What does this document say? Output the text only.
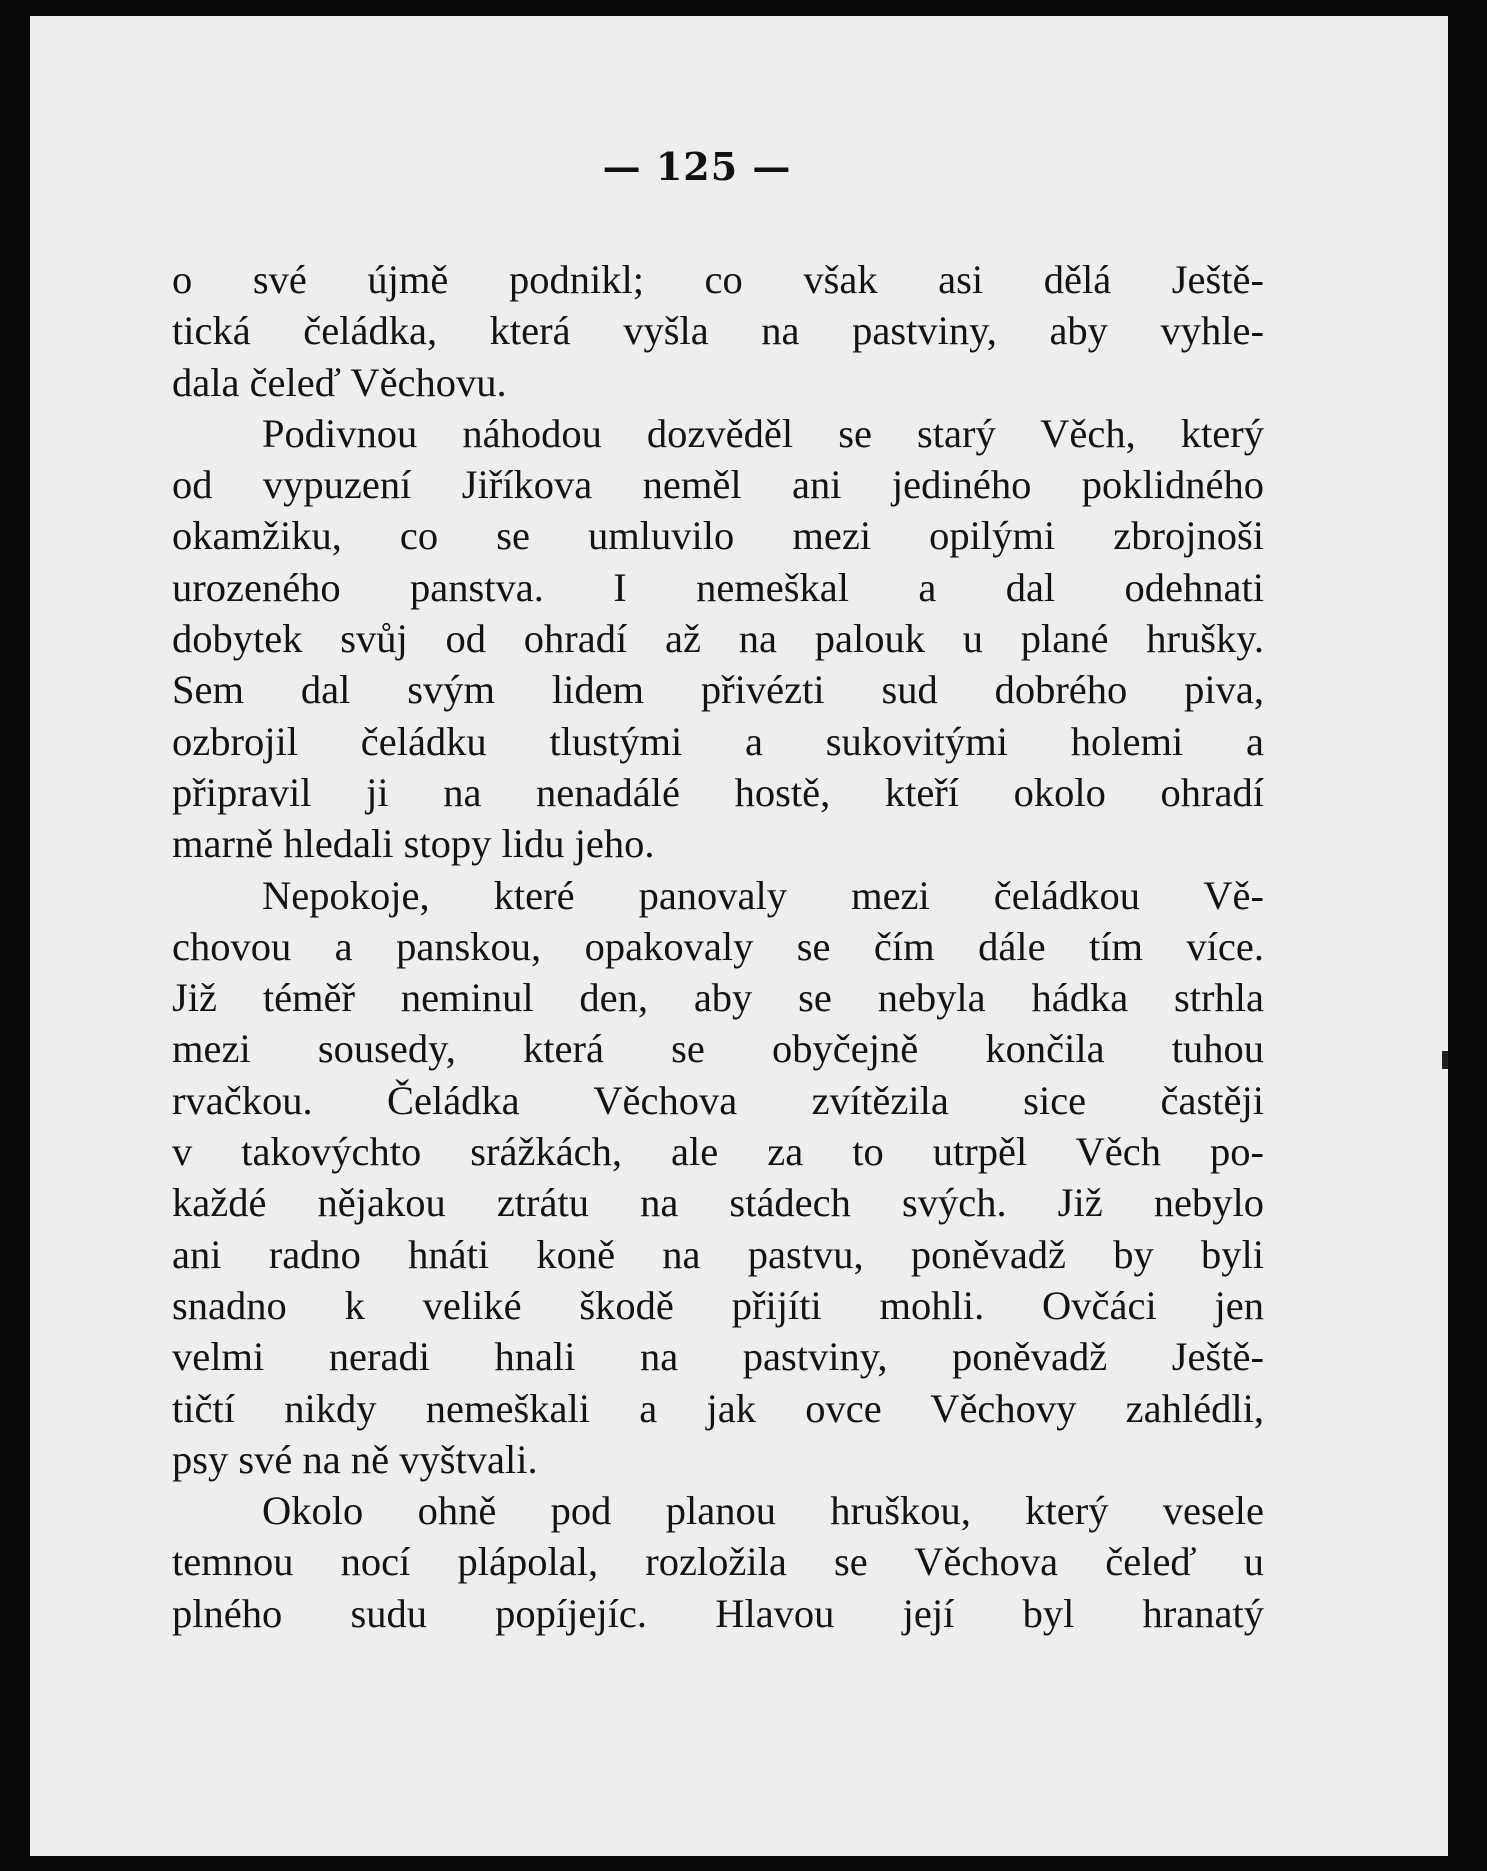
— 125 —
o své újmě podnikl; co však asi dělá Ještě-
tická čeládka, která vyšla na pastviny, aby vyhle-
dala čeleď Věchovu.
Podivnou náhodou dozvěděl se starý Věch, který
od vypuzení Jiříkova neměl ani jediného poklidného
okamžiku, co se umluvilo mezi opilými zbrojnoši
urozeného panstva. I nemeškal a dal odehnati
dobytek svůj od ohradí až na palouk u plané hrušky.
Sem dal svým lidem přivézti sud dobrého piva,
ozbrojil čeládku tlustými a sukovitými holemi a
připravil ji na nenadálé hostě, kteří okolo ohradí
marně hledali stopy lidu jeho.
Nepokoje, které panovaly mezi čeládkou Vě-
chovou a panskou, opakovaly se čím dále tím více.
Již téměř neminul den, aby se nebyla hádka strhla
mezi sousedy, která se obyčejně končila tuhou
rvačkou. Čeládka Věchova zvítězila sice častěji
v takovýchto srážkách, ale za to utrpěl Věch po-
každé nějakou ztrátu na stádech svých. Již nebylo
ani radno hnáti koně na pastvu, poněvadž by byli
snadno k veliké škodě přijíti mohli. Ovčáci jen
velmi neradi hnali na pastviny, poněvadž Ještě-
tičtí nikdy nemeškali a jak ovce Věchovy zahlédli,
psy své na ně vyštvali.
Okolo ohně pod planou hruškou, který vesele
temnou nocí plápolal, rozložila se Věchova čeleď u
plného sudu popíjejíc. Hlavou její byl hranatý
